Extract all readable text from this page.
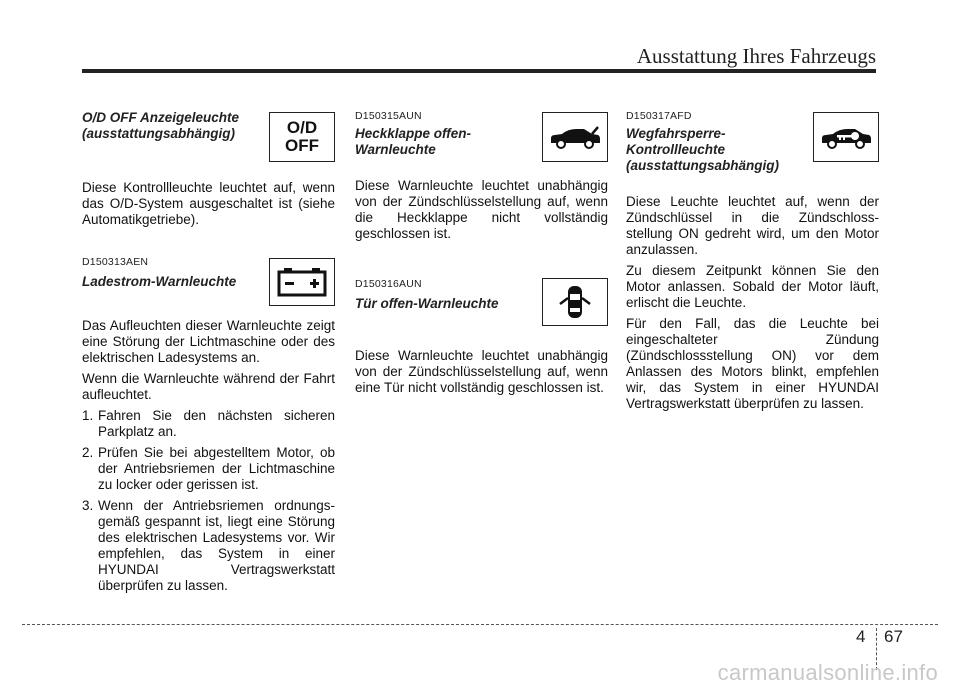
Ausstattung Ihres Fahrzeugs
O/D OFF Anzeigeleuchte (ausstattungsabhängig)	O/D
OFF

Diese Kontrollleuchte leuchtet auf, wenn das O/D-System ausgeschaltet ist (siehe Automatikgetriebe).

D150313AEN
Ladestrom-Warnleuchte

Das Aufleuchten dieser Warnleuchte zeigt eine Störung der Lichtmaschine oder des elektrischen Ladesystems an.

Wenn die Warnleuchte während der Fahrt aufleuchtet.

1. Fahren Sie den nächsten sicheren Parkplatz an.
2. Prüfen Sie bei abgestelltem Motor, ob der Antriebsriemen der Lichtmaschine zu locker oder gerissen ist.
3. Wenn der Antriebsriemen ordnungs- gemäß gespannt ist, liegt eine Störung des elektrischen Ladesystems vor. Wir empfehlen, das System in einer HYUNDAI Vertragswerkstatt überprüfen zu lassen.
D150315AUN
Heckklappe offen- Warnleuchte

Diese Warnleuchte leuchtet unabhängig von der Zündschlüsselstellung auf, wenn die Heckklappe nicht vollständig geschlossen ist.

D150316AUN
Tür offen-Warnleuchte

Diese Warnleuchte leuchtet unabhängig von der Zündschlüsselstellung auf, wenn eine Tür nicht vollständig geschlossen ist.

D150317AFD
Wegfahrsperre- Kontrollleuchte (ausstattungsabhängig)

Diese Leuchte leuchtet auf, wenn der Zündschlüssel in die Zündschloss- stellung ON gedreht wird, um den Motor anzulassen.

Zu diesem Zeitpunkt können Sie den Motor anlassen. Sobald der Motor läuft, erlischt die Leuchte.

Für den Fall, das die Leuchte bei eingeschalteter Zündung (Zündschlossstellung ON) vor dem Anlassen des Motors blinkt, empfehlen wir, das System in einer HYUNDAI Vertragswerkstatt überprüfen zu lassen.

4 67
carmanualsonline.info
